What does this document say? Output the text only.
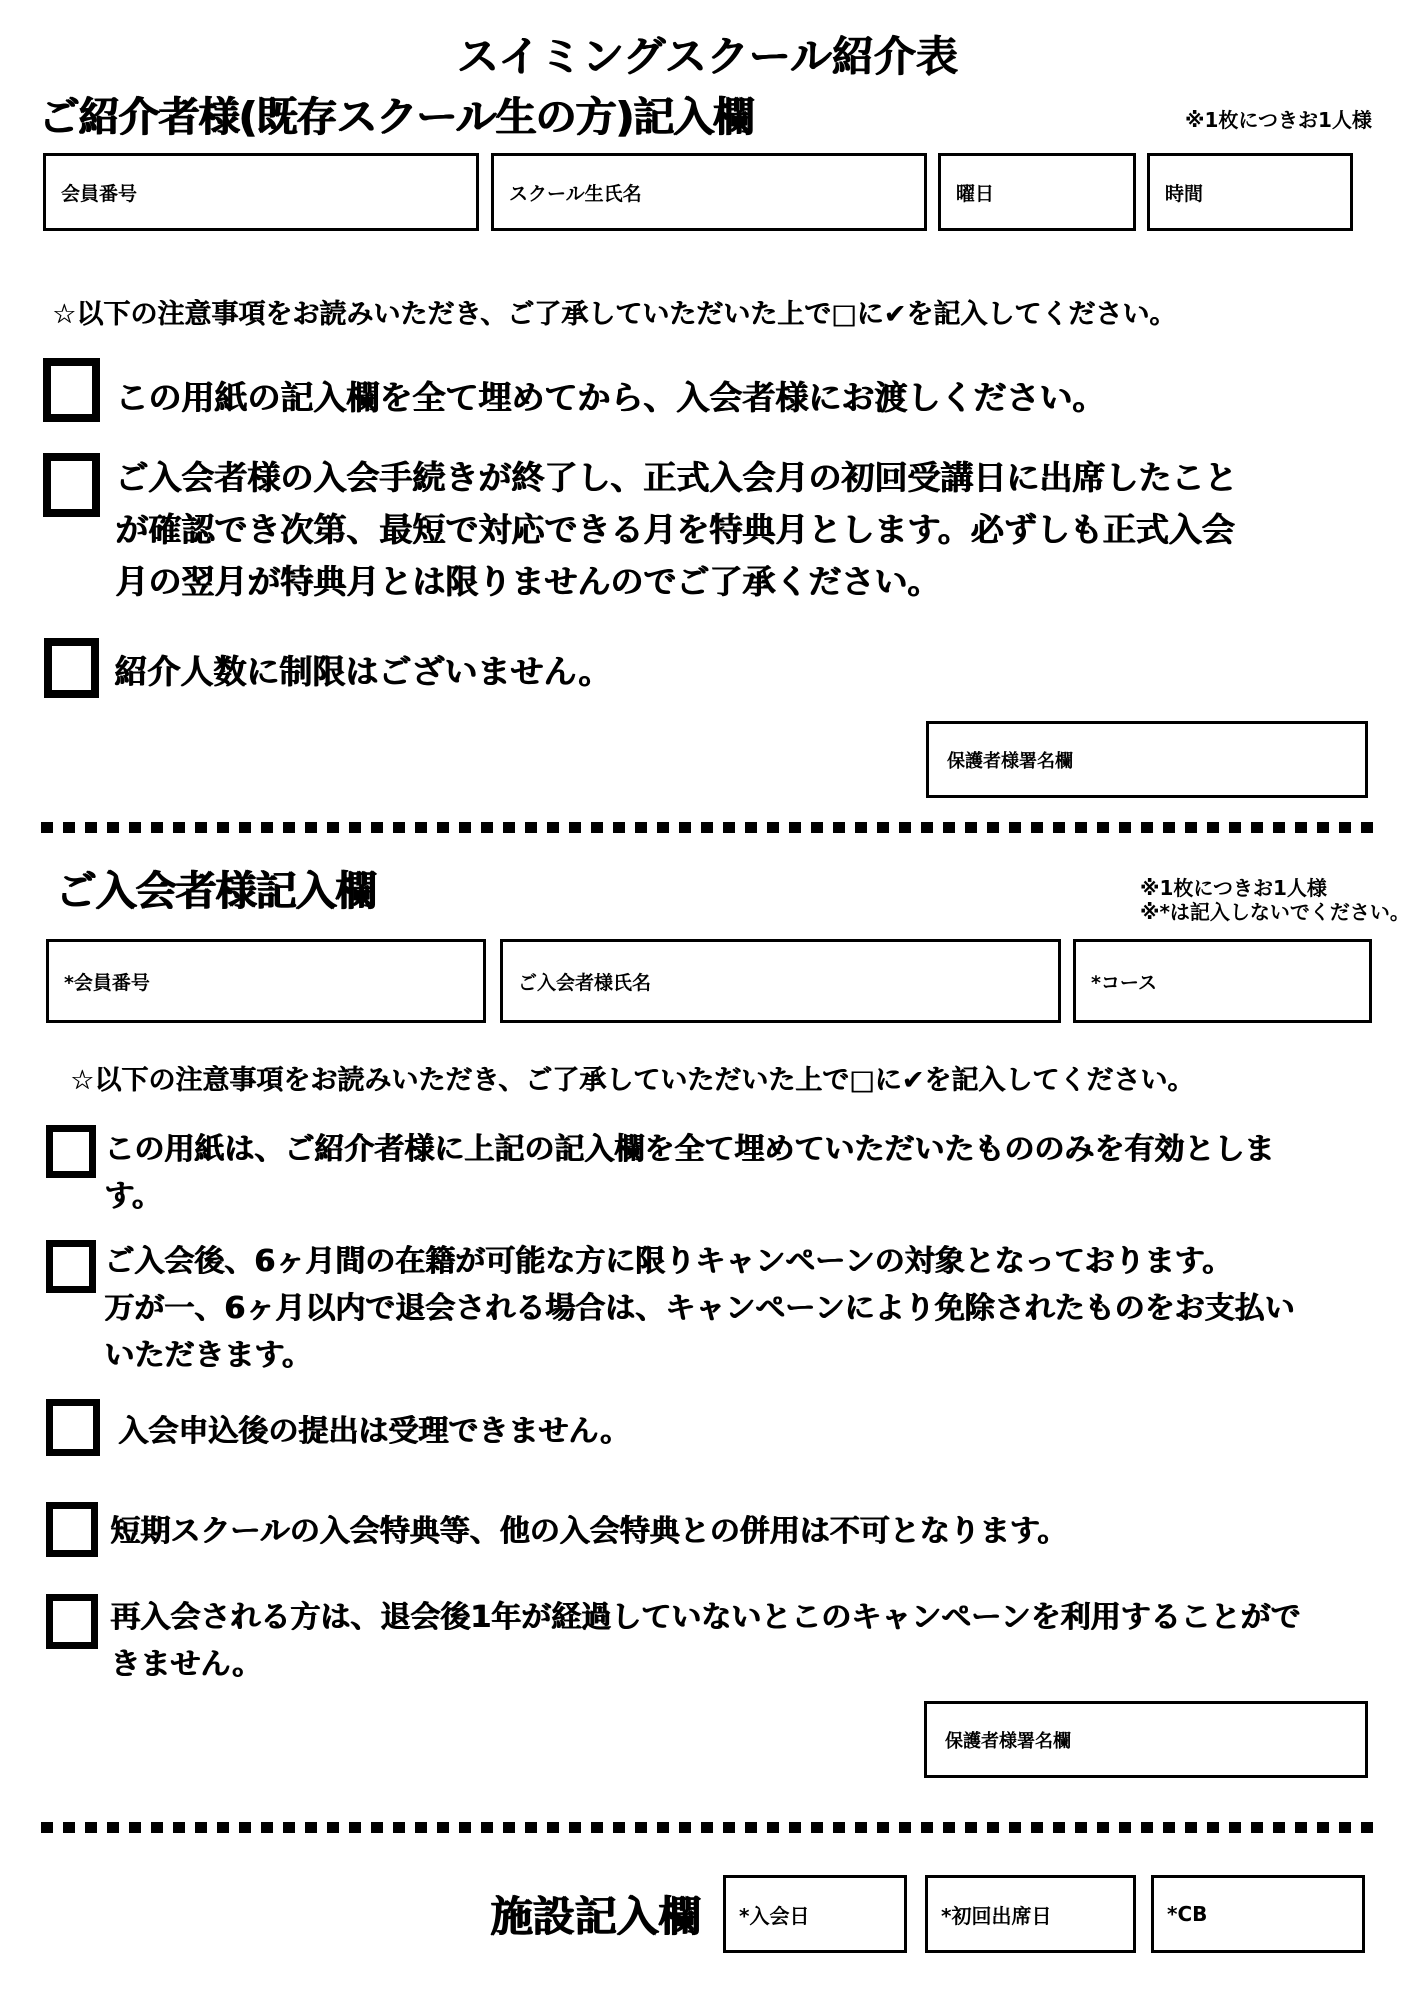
スイミングスクール紹介表
ご紹介者様(既存スクール生の方)記入欄	※1枚につきお1人様
会員番号	スクール生氏名	曜日	時間
☆以下の注意事項をお読みいただき、ご了承していただいた上で□に✔を記入してください。
この用紙の記入欄を全て埋めてから、入会者様にお渡しください。
ご入会者様の入会手続きが終了し、正式入会月の初回受講日に出席したこと
が確認でき次第、最短で対応できる月を特典月とします。必ずしも正式入会
月の翌月が特典月とは限りませんのでご了承ください。
紹介人数に制限はございません。
保護者様署名欄
ご入会者様記入欄	※1枚につきお1人様
※*は記入しないでください。
*会員番号	ご入会者様氏名	*コース
☆以下の注意事項をお読みいただき、ご了承していただいた上で□に✔を記入してください。
この用紙は、ご紹介者様に上記の記入欄を全て埋めていただいたもののみを有効としま
す。
ご入会後、6ヶ月間の在籍が可能な方に限りキャンペーンの対象となっております。
万が一、6ヶ月以内で退会される場合は、キャンペーンにより免除されたものをお支払い
いただきます。
入会申込後の提出は受理できません。
短期スクールの入会特典等、他の入会特典との併用は不可となります。
再入会される方は、退会後1年が経過していないとこのキャンペーンを利用することがで
きません。
保護者様署名欄
施設記入欄 *入会日	*初回出席日	*CB
